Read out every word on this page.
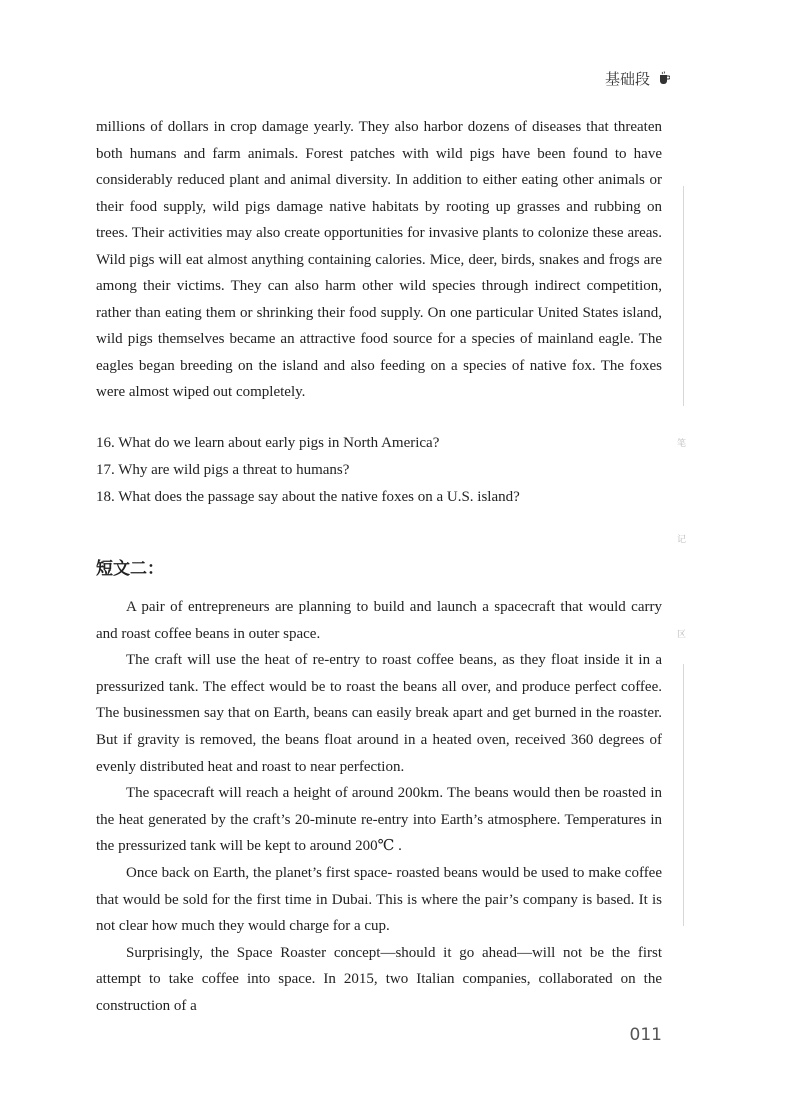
基础段

millions of dollars in crop damage yearly. They also harbor dozens of diseases that threaten both humans and farm animals. Forest patches with wild pigs have been found to have considerably reduced plant and animal diversity. In addition to either eating other animals or their food supply, wild pigs damage native habitats by rooting up grasses and rubbing on trees. Their activities may also create opportunities for invasive plants to colonize these areas. Wild pigs will eat almost anything containing calories. Mice, deer, birds, snakes and frogs are among their victims. They can also harm other wild species through indirect competition, rather than eating them or shrinking their food supply. On one particular United States island, wild pigs themselves became an attractive food source for a species of mainland eagle. The eagles began breeding on the island and also feeding on a species of native fox. The foxes were almost wiped out completely.

16. What do we learn about early pigs in North America?
17. Why are wild pigs a threat to humans?
18. What does the passage say about the native foxes on a U.S. island?
短文二：

A pair of entrepreneurs are planning to build and launch a spacecraft that would carry and roast coffee beans in outer space.

The craft will use the heat of re-entry to roast coffee beans, as they float inside it in a pressurized tank. The effect would be to roast the beans all over, and produce perfect coffee. The businessmen say that on Earth, beans can easily break apart and get burned in the roaster. But if gravity is removed, the beans float around in a heated oven, received 360 degrees of evenly distributed heat and roast to near perfection.

The spacecraft will reach a height of around 200km. The beans would then be roasted in the heat generated by the craft’s 20-minute re-entry into Earth’s atmosphere. Temperatures in the pressurized tank will be kept to around 200℃ .

Once back on Earth, the planet’s first space- roasted beans would be used to make coffee that would be sold for the first time in Dubai. This is where the pair’s company is based. It is not clear how much they would charge for a cup.

Surprisingly, the Space Roaster concept—should it go ahead—will not be the first attempt to take coffee into space. In 2015, two Italian companies, collaborated on the construction of a

笔
记
区
011
